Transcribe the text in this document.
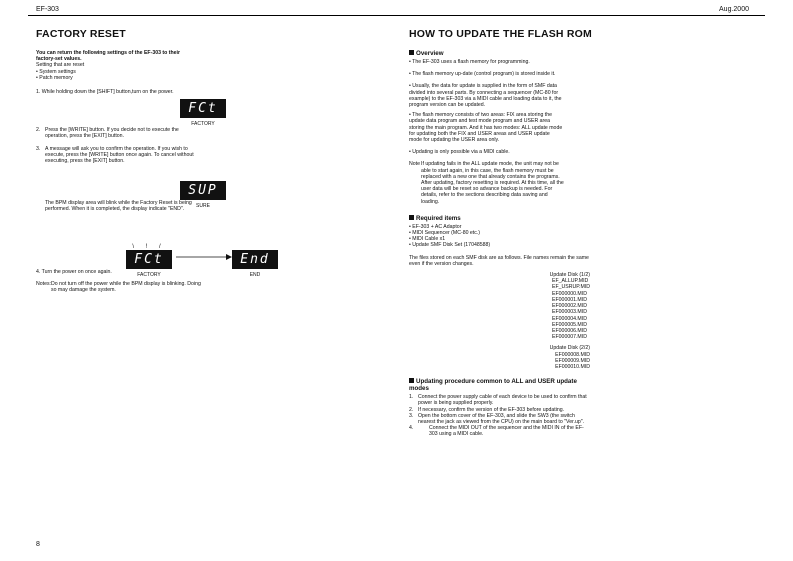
EF-303	Aug.2000
FACTORY RESET
You can return the following settings of the EF-303 to their factory-set values.
Setting that are reset
• System settings
• Patch memory
1. While holding down the [SHIFT] button,turn on the power.
2. Press the [WRITE] button. If you decide not to execute the operation, press the [EXIT] button.
3. A message will ask you to confirm the operation. If you wish to execute, press the [WRITE] button once again. To cancel without executing, press the [EXIT] button.
The BPM display area will blink while the Factory Reset is being performed. When it is completed, the display indicate "END".
4. Turn the power on once again.
Notes: Do not turn off the power while the BPM display is blinking. Doing so may damage the system.
FCt
FACTORY
SUP
SURE
\ ! /
FCt
FACTORY
End
END
HOW TO UPDATE THE FLASH ROM
Overview
• The EF-303 uses a flash memory for programming.
• The flash memory up-date (control program) is stored inside it.
• Usually, the data for update is supplied in the form of SMF data divided into several parts. By connecting a sequencer (MC-80 for example) to the EF-303 via a MIDI cable and loading data to it, the program version can be updated.
• The flash memory consists of two areas: FIX area storing the update data program and test mode program and USER area storing the main program. And it has two modes: ALL update mode for updating both the FIX and USER areas and USER update mode for updating the USER area only.
• Updating is only possible via a MIDI cable.
Note If updating fails in the ALL update mode, the unit may not be able to start again, in this case, the flash memory must be replaced with a new one that already contains the programs. After updating, factory resetting is required. At this time, all the user data will be reset so advance backup is needed. For details, refer to the sections describing data saving and loading.
Required items
• EF-303 + AC Adaptor
• MIDI Sequencer (MC-80 etc.)
• MIDI Cable x1
• Update SMF Disk Set (17048588)
The files stored on each SMF disk are as follows. File names remain the same even if the version changes.
Update Disk (1/2)
EF_ALLUP.MID
EF_USRUP.MID
EF000000.MID
EF000001.MID
EF000002.MID
EF000003.MID
EF000004.MID
EF000005.MID
EF000006.MID
EF000007.MID
Update Disk (2/2)
EF000008.MID
EF000009.MID
EF000010.MID
Updating procedure common to ALL and USER update modes
1. Connect the power supply cable of each device to be used to confirm that power is being supplied properly.
2. If necessary, confirm the version of the EF-303 before updating.
3. Open the bottom cover of the EF-303, and slide the SW3 (the switch nearest the jack as viewed from the CPU) on the main board to "Ver.up".
4.	Connect the MIDI OUT of the sequencer and the MIDI IN of the EF-303 using a MIDI cable.
8
